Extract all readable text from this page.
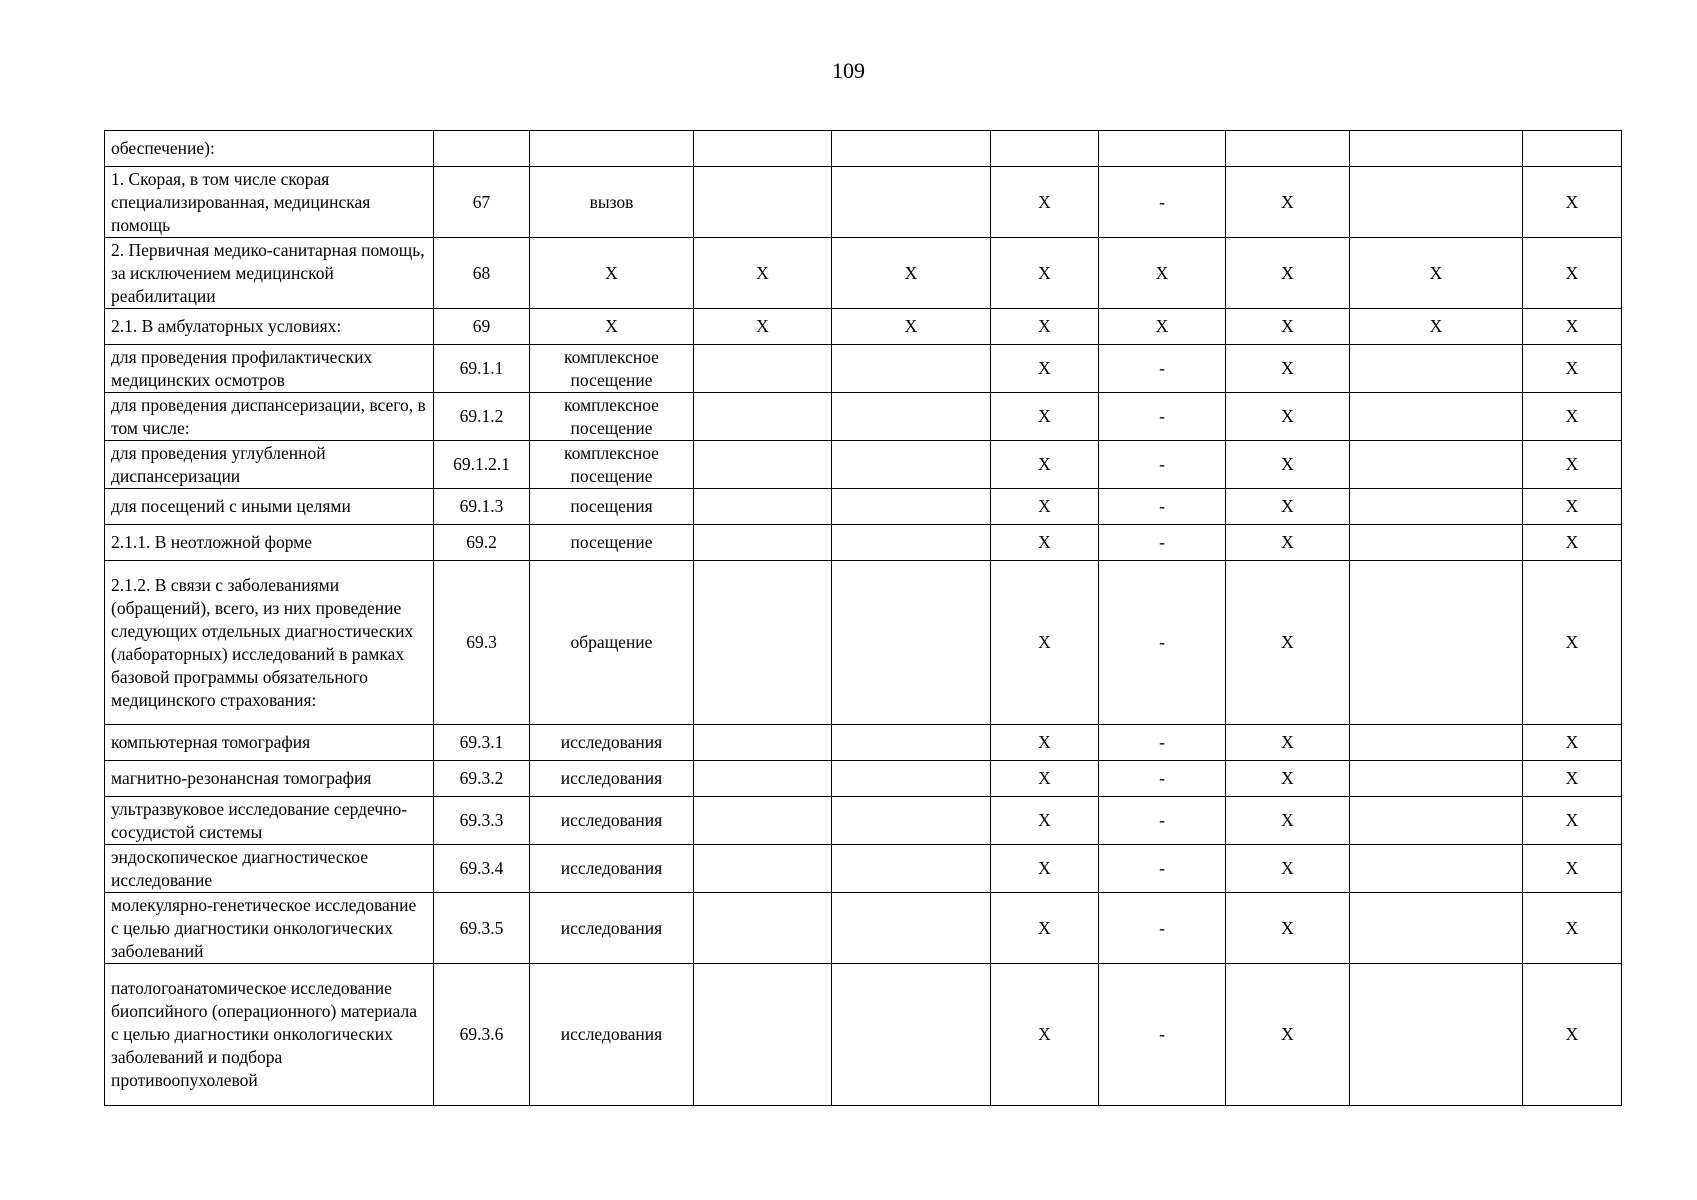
109
обеспечение):									
1. Скорая, в том числе скорая специализированная, медицинская помощь	67	вызов			X	-	X		X
2. Первичная медико-санитарная помощь, за исключением медицинской реабилитации	68	X	X	X	X	X	X	X	X
2.1. В амбулаторных условиях:	69	X	X	X	X	X	X	X	X
для проведения профилактических медицинских осмотров	69.1.1	комплексное посещение			X	-	X		X
для проведения диспансеризации, всего, в том числе:	69.1.2	комплексное посещение			X	-	X		X
для проведения углубленной диспансеризации	69.1.2.1	комплексное посещение			X	-	X		X
для посещений с иными целями	69.1.3	посещения			X	-	X		X
2.1.1. В неотложной форме	69.2	посещение			X	-	X		X
2.1.2. В связи с заболеваниями (обращений), всего, из них проведение следующих отдельных диагностических (лабораторных) исследований в рамках базовой программы обязательного медицинского страхования:	69.3	обращение			X	-	X		X
компьютерная томография	69.3.1	исследования			X	-	X		X
магнитно-резонансная томография	69.3.2	исследования			X	-	X		X
ультразвуковое исследование сердечно-сосудистой системы	69.3.3	исследования			X	-	X		X
эндоскопическое диагностическое исследование	69.3.4	исследования			X	-	X		X
молекулярно-генетическое исследование с целью диагностики онкологических заболеваний	69.3.5	исследования			X	-	X		X
патологоанатомическое исследование биопсийного (операционного) материала с целью диагностики онкологических заболеваний и подбора противоопухолевой	69.3.6	исследования			X	-	X		X
